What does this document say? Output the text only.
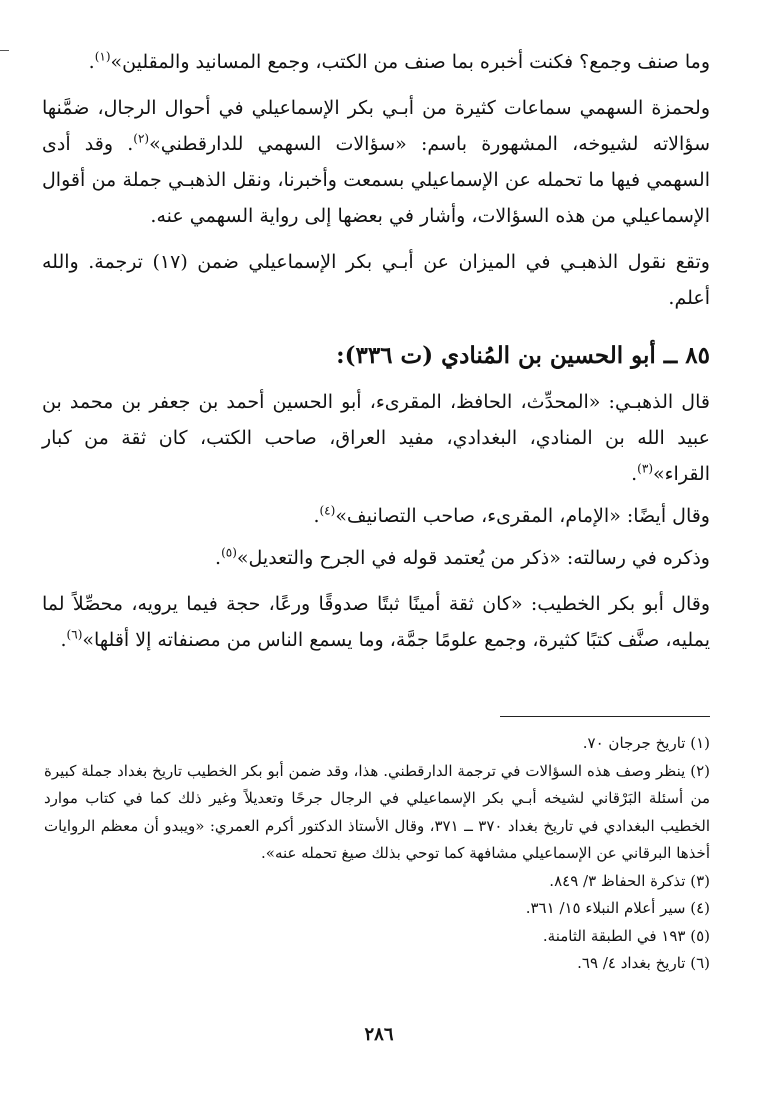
وما صنف وجمع؟ فكنت أخبره بما صنف من الكتب، وجمع المسانيد والمقلين»$^{(١)}$.

ولحمزة السهمي سماعات كثيرة من أبـي بكر الإسماعيلي في أحوال الرجال، ضمَّنها سؤالاته لشيوخه، المشهورة باسم: «سؤالات السهمي للدارقطني»$^{(٢)}$. وقد أدى السهمي فيها ما تحمله عن الإسماعيلي بسمعت وأخبرنا، ونقل الذهبـي جملة من أقوال الإسماعيلي من هذه السؤالات، وأشار في بعضها إلى رواية السهمي عنه.

وتقع نقول الذهبـي في الميزان عن أبـي بكر الإسماعيلي ضمن (١٧) ترجمة. والله أعلم.

٨٥ ــ أبو الحسين بن المُنادي (ت ٣٣٦):

قال الذهبـي: «المحدِّث، الحافظ، المقرىء، أبو الحسين أحمد بن جعفر بن محمد بن عبيد الله بن المنادي، البغدادي، مفيد العراق، صاحب الكتب، كان ثقة من كبار القراء»$^{(٣)}$.

وقال أيضًا: «الإمام، المقرىء، صاحب التصانيف»$^{(٤)}$.

وذكره في رسالته: «ذكر من يُعتمد قوله في الجرح والتعديل»$^{(٥)}$.

وقال أبو بكر الخطيب: «كان ثقة أمينًا ثبتًا صدوقًا ورعًا، حجة فيما يرويه، محصِّلاً لما يمليه، صنَّف كتبًا كثيرة، وجمع علومًا جمَّة، وما يسمع الناس من مصنفاته إلا أقلها»$^{(٦)}$.

(١) تاريخ جرجان ٧٠.

(٢) ينظر وصف هذه السؤالات في ترجمة الدارقطني. هذا، وقد ضمن أبو بكر الخطيب تاريخ بغداد جملة كبيرة من أسئلة البَرْقاني لشيخه أبـي بكر الإسماعيلي في الرجال جرحًا وتعديلاً وغير ذلك كما في كتاب موارد الخطيب البغدادي في تاريخ بغداد ٣٧٠ ــ ٣٧١، وقال الأستاذ الدكتور أكرم العمري: «ويبدو أن معظم الروايات أخذها البرقاني عن الإسماعيلي مشافهة كما توحي بذلك صيغ تحمله عنه».

(٣) تذكرة الحفاظ ٣/ ٨٤٩.

(٤) سير أعلام النبلاء ١٥/ ٣٦١.

(٥) ١٩٣ في الطبقة الثامنة.

(٦) تاريخ بغداد ٤/ ٦٩.

٢٨٦
